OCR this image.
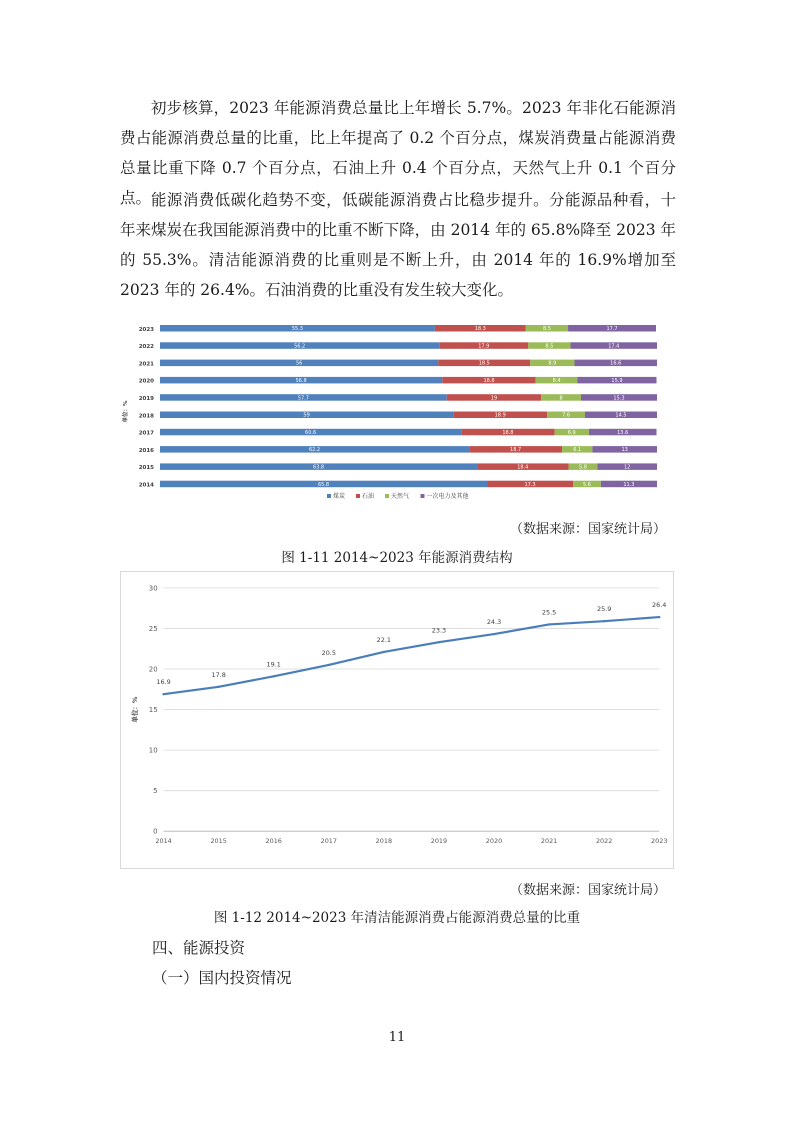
初步核算，2023 年能源消费总量比上年增长 5.7%。2023 年非化石能源消费占能源消费总量的比重，比上年提高了 0.2 个百分点，煤炭消费量占能源消费总量比重下降 0.7 个百分点，石油上升 0.4 个百分点，天然气上升 0.1 个百分点。 能源消费低碳化趋势不变，低碳能源消费占比稳步提升。分能源品种看，十年来煤炭在我国能源消费中的比重不断下降，由 2014 年的 65.8%降至 2023 年的 55.3%。清洁能源消费的比重则是不断上升，由 2014 年的 16.9%增加至 2023 年的 26.4%。石油消费的比重没有发生较大变化。

2023	55.3	18.3	8.5	17.7
2022	56.2	17.9	8.5	17.4
2021	56	18.5	8.9	16.6
2020	56.8	18.8	8.4	15.9
2019	57.7	19	8	15.3
2018	59	18.9	7.6	14.5
2017	60.6	18.8	6.9	13.6
2016	62.2	18.7	6.1	13
2015	63.8	18.4	5.8	12
2014	65.8	17.3	5.6	11.3
单位：%
煤炭	石油	天然气	一次电力及其他
（数据来源：国家统计局）
图 1-11 2014~2023 年能源消费结构
0
5
10
15
20
25
30
2014	2015	2016	2017	2018	2019	2020	2021	2022	2023
单位：%
16.9
17.8
19.1
20.5
22.1
23.3
24.3
25.5	25.9
26.4
（数据来源：国家统计局）
图 1-12 2014~2023 年清洁能源消费占能源消费总量的比重
四、能源投资
（一）国内投资情况
11
